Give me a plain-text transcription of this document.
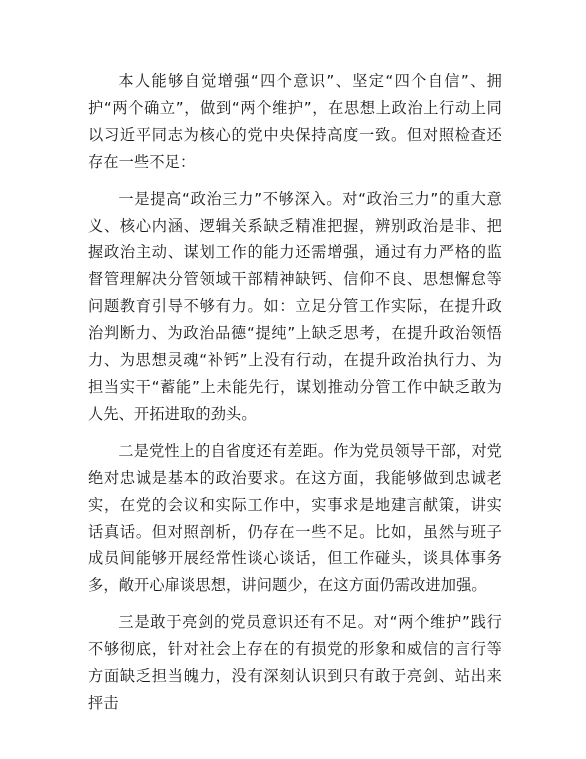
本人能够自觉增强“四个意识”、坚定“四个自信”、拥护“两个确立”，做到“两个维护”，在思想上政治上行动上同以习近平同志为核心的党中央保持高度一致。但对照检查还存在一些不足：

一是提高“政治三力”不够深入。对“政治三力”的重大意义、核心内涵、逻辑关系缺乏精准把握，辨别政治是非、把握政治主动、谋划工作的能力还需增强，通过有力严格的监督管理解决分管领域干部精神缺钙、信仰不良、思想懈怠等问题教育引导不够有力。如：立足分管工作实际，在提升政治判断力、为政治品德“提纯”上缺乏思考，在提升政治领悟力、为思想灵魂“补钙”上没有行动，在提升政治执行力、为担当实干“蓄能”上未能先行，谋划推动分管工作中缺乏敢为人先、开拓进取的劲头。

二是党性上的自省度还有差距。作为党员领导干部，对党绝对忠诚是基本的政治要求。在这方面，我能够做到忠诚老实，在党的会议和实际工作中，实事求是地建言献策，讲实话真话。但对照剖析，仍存在一些不足。比如，虽然与班子成员间能够开展经常性谈心谈话，但工作碰头，谈具体事务多，敞开心扉谈思想，讲问题少，在这方面仍需改进加强。

三是敢于亮剑的党员意识还有不足。对“两个维护”践行不够彻底，针对社会上存在的有损党的形象和威信的言行等方面缺乏担当魄力，没有深刻认识到只有敢于亮剑、站出来抨击
